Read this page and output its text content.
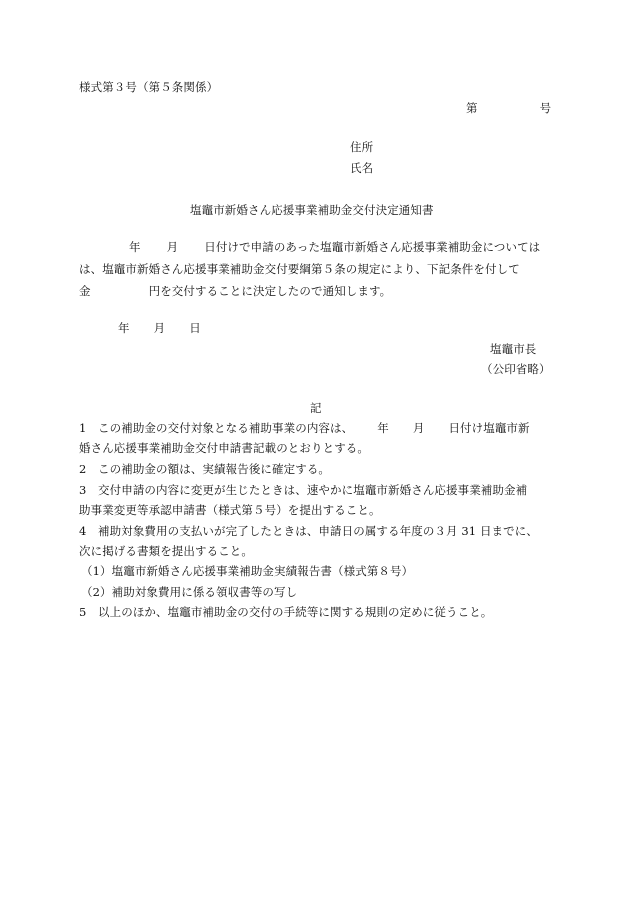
様式第３号（第５条関係）
第	号
住所
氏名
塩竈市新婚さん応援事業補助金交付決定通知書
年 月 日付けで申請のあった塩竈市新婚さん応援事業補助金については
は、塩竈市新婚さん応援事業補助金交付要綱第５条の規定により、下記条件を付して
金	円を交付することに決定したので通知します。
年 月 日
塩竈市長
（公印省略）
記
1　この補助金の交付対象となる補助事業の内容は、 年 月 日付け塩竈市新
婚さん応援事業補助金交付申請書記載のとおりとする。
2　この補助金の額は、実績報告後に確定する。
3　交付申請の内容に変更が生じたときは、速やかに塩竈市新婚さん応援事業補助金補
助事業変更等承認申請書（様式第５号）を提出すること。
4　補助対象費用の支払いが完了したときは、申請日の属する年度の３月 31 日までに、
次に掲げる書類を提出すること。
（1）塩竈市新婚さん応援事業補助金実績報告書（様式第８号）
（2）補助対象費用に係る領収書等の写し
5　以上のほか、塩竈市補助金の交付の手続等に関する規則の定めに従うこと。
